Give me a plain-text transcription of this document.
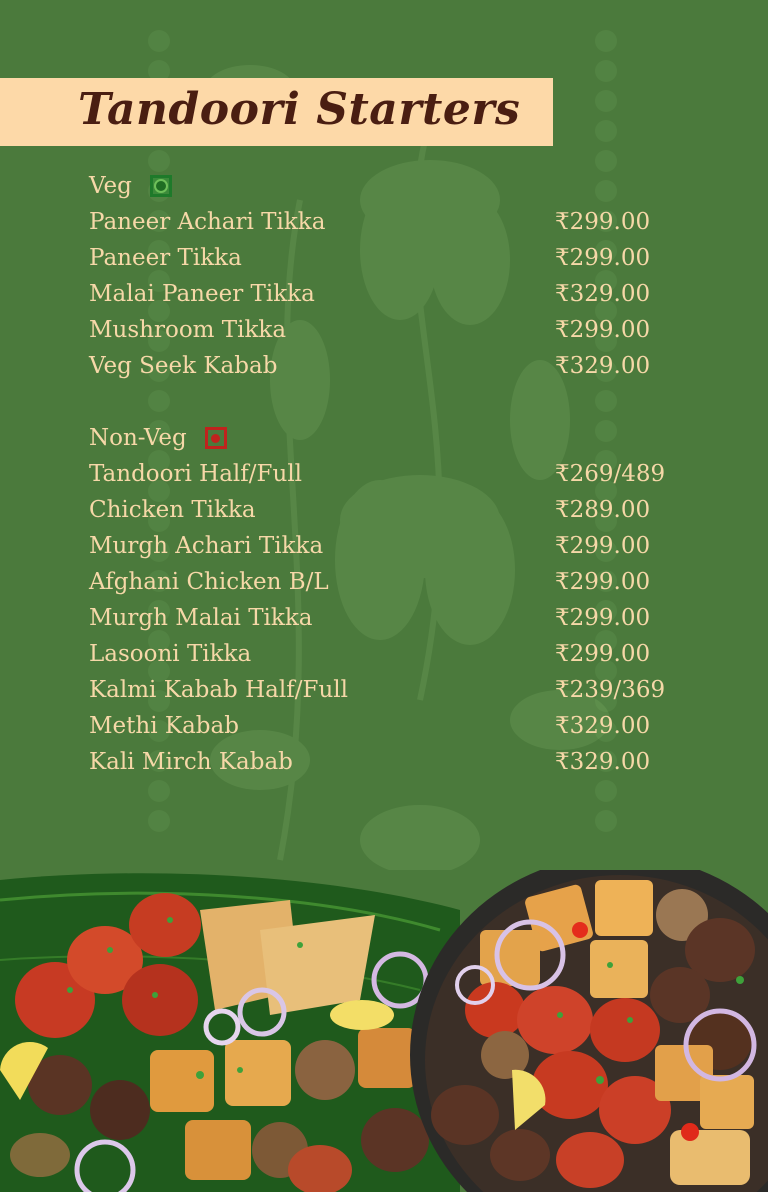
Tandoori Starters
Veg
Paneer Achari Tikka	₹299.00
Paneer Tikka	₹299.00
Malai Paneer Tikka	₹329.00
Mushroom Tikka	₹299.00
Veg Seek Kabab	₹329.00
Non-Veg
Tandoori Half/Full	₹269/489
Chicken Tikka	₹289.00
Murgh Achari Tikka	₹299.00
Afghani Chicken B/L	₹299.00
Murgh Malai Tikka	₹299.00
Lasooni Tikka	₹299.00
Kalmi Kabab Half/Full	₹239/369
Methi Kabab	₹329.00
Kali Mirch Kabab	₹329.00
